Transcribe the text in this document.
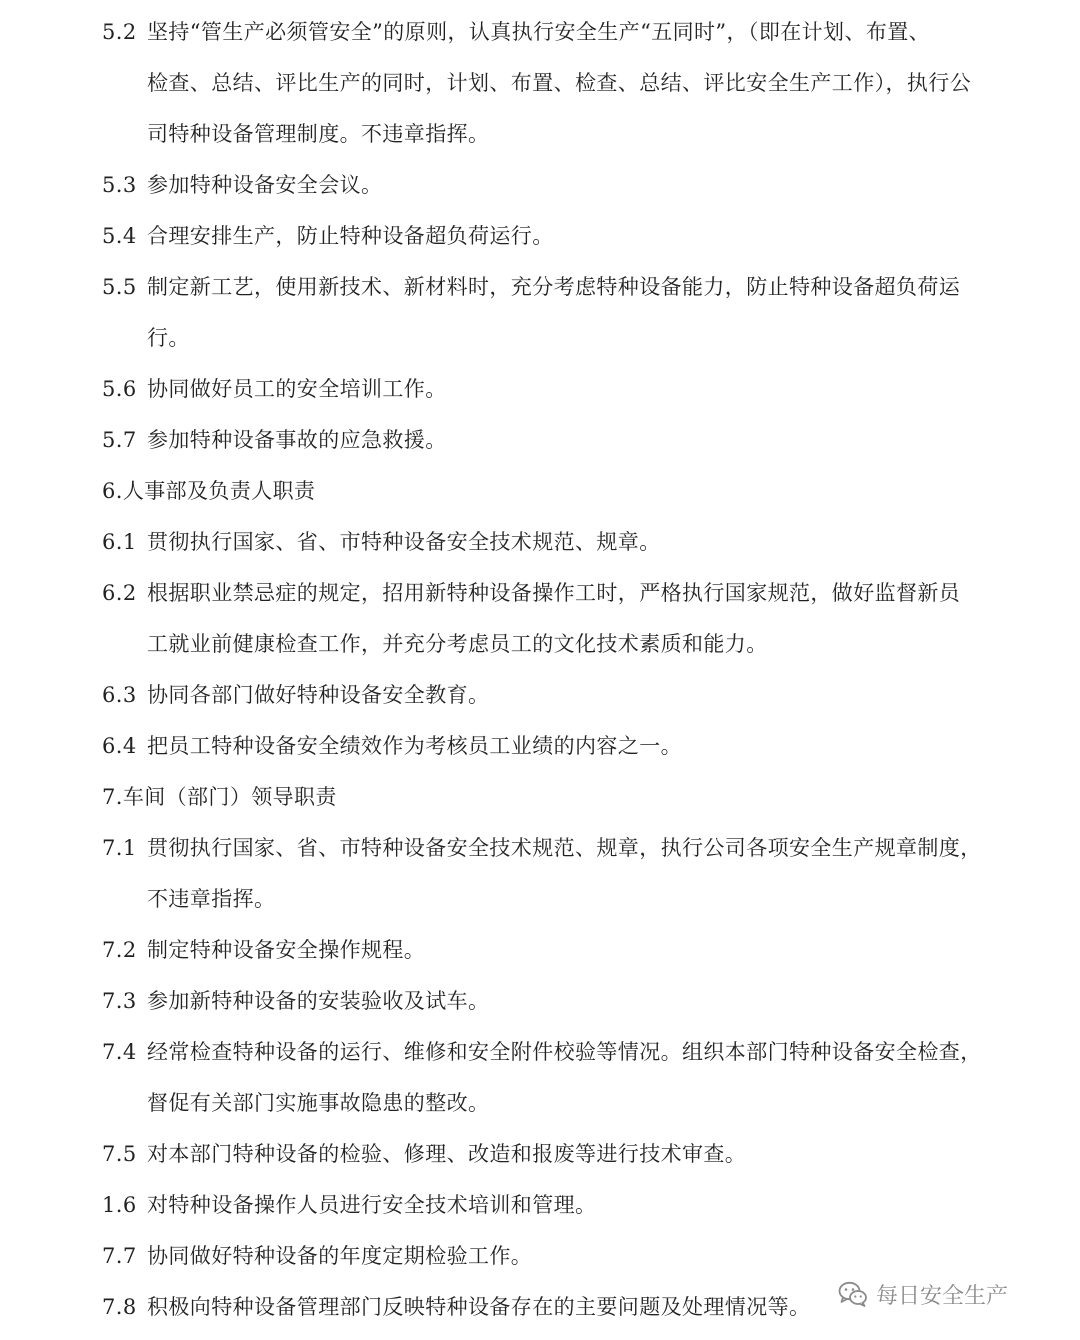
5.2 坚持“管生产必须管安全”的原则，认真执行安全生产“五同时”，（即在计划、布置、
检查、总结、评比生产的同时，计划、布置、检查、总结、评比安全生产工作），执行公
司特种设备管理制度。不违章指挥。
5.3 参加特种设备安全会议。
5.4 合理安排生产，防止特种设备超负荷运行。
5.5 制定新工艺，使用新技术、新材料时，充分考虑特种设备能力，防止特种设备超负荷运
行。
5.6 协同做好员工的安全培训工作。
5.7 参加特种设备事故的应急救援。
6.人事部及负责人职责
6.1 贯彻执行国家、省、市特种设备安全技术规范、规章。
6.2 根据职业禁忌症的规定，招用新特种设备操作工时，严格执行国家规范，做好监督新员
工就业前健康检查工作，并充分考虑员工的文化技术素质和能力。
6.3 协同各部门做好特种设备安全教育。
6.4 把员工特种设备安全绩效作为考核员工业绩的内容之一。
7.车间（部门）领导职责
7.1 贯彻执行国家、省、市特种设备安全技术规范、规章，执行公司各项安全生产规章制度，
不违章指挥。
7.2 制定特种设备安全操作规程。
7.3 参加新特种设备的安装验收及试车。
7.4 经常检查特种设备的运行、维修和安全附件校验等情况。组织本部门特种设备安全检查，
督促有关部门实施事故隐患的整改。
7.5 对本部门特种设备的检验、修理、改造和报废等进行技术审查。
1.6 对特种设备操作人员进行安全技术培训和管理。
7.7 协同做好特种设备的年度定期检验工作。
7.8 积极向特种设备管理部门反映特种设备存在的主要问题及处理情况等。	每日安全生产
